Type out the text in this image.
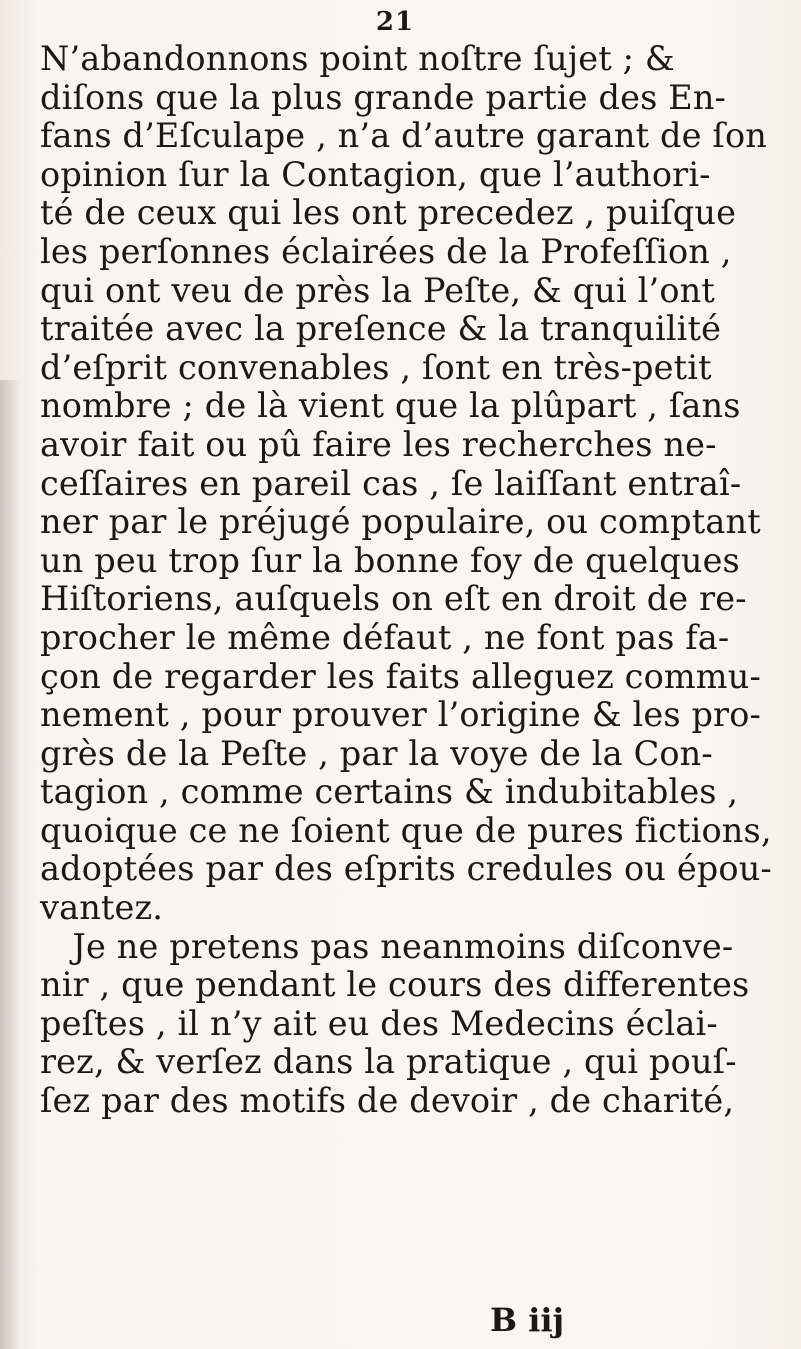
21
N’abandonnons point noſtre ſujet ; &
diſons que la plus grande partie des En-
fans d’Eſculape , n’a d’autre garant de ſon
opinion ſur la Contagion, que l’authori-
té de ceux qui les ont precedez , puiſque
les perſonnes éclairées de la Profeſſion ,
qui ont veu de près la Peſte, & qui l’ont
traitée avec la preſence & la tranquilité
d’eſprit convenables , ſont en très-petit
nombre ; de là vient que la plûpart , ſans
avoir fait ou pû faire les recherches ne-
ceſſaires en pareil cas , ſe laiſſant entraî-
ner par le préjugé populaire, ou comptant
un peu trop ſur la bonne foy de quelques
Hiſtoriens, auſquels on eſt en droit de re-
procher le même défaut , ne font pas fa-
çon de regarder les faits alleguez commu-
nement , pour prouver l’origine & les pro-
grès de la Peſte , par la voye de la Con-
tagion , comme certains & indubitables ,
quoique ce ne ſoient que de pures fictions,
adoptées par des eſprits credules ou épou-
vantez.
Je ne pretens pas neanmoins diſconve-
nir , que pendant le cours des differentes
peſtes , il n’y ait eu des Medecins éclai-
rez, & verſez dans la pratique , qui pouſ-
ſez par des motifs de devoir , de charité,
B iij
